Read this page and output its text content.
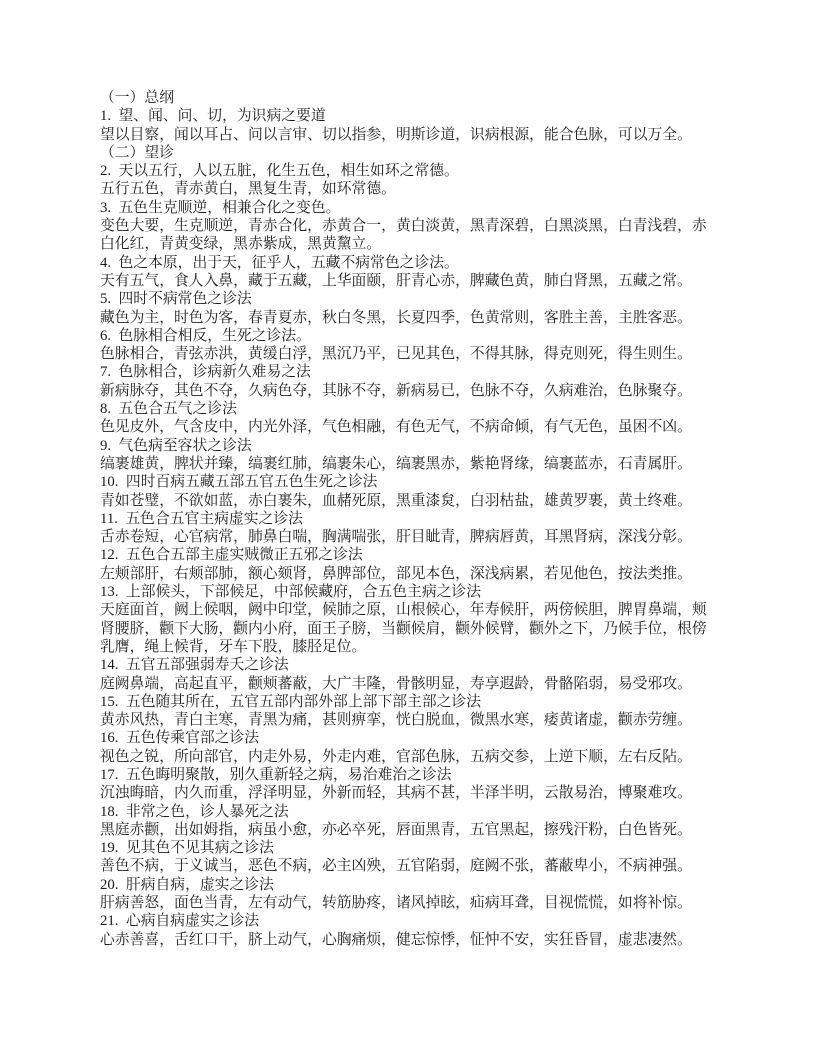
（一）总纲
1.  望、闻、问、切，为识病之要道
望以目察，闻以耳占、问以言审、切以指参，明斯诊道，识病根源，能合色脉，可以万全。
（二）望诊
2.  天以五行，人以五脏，化生五色，相生如环之常德。
五行五色，青赤黄白，黑复生青，如环常德。
3.  五色生克顺逆，相兼合化之变色。
变色大要，生克顺逆，青赤合化，赤黄合一，黄白淡黄，黑青深碧，白黑淡黑，白青浅碧，赤
白化红，青黄变绿，黑赤紫成，黑黄黧立。
4.  色之本原，出于天，征乎人，五藏不病常色之诊法。
天有五气，食人入鼻，藏于五藏，上华面颐，肝青心赤，脾藏色黄，肺白肾黑，五藏之常。
5.  四时不病常色之诊法
藏色为主，时色为客，春青夏赤，秋白冬黑，长夏四季，色黄常则，客胜主善，主胜客恶。
6.  色脉相合相反，生死之诊法。
色脉相合，青弦赤洪，黄缓白浮，黑沉乃平，已见其色，不得其脉，得克则死，得生则生。
7.  色脉相合，诊病新久难易之法
新病脉夺，其色不夺，久病色夺，其脉不夺，新病易已，色脉不夺，久病难治，色脉聚夺。
8.  五色合五气之诊法
色见皮外，气含皮中，内光外泽，气色相融，有色无气，不病命倾，有气无色，虽困不凶。
9.  气色病至容状之诊法
缟裹雄黄，脾状并臻，缟裹红肺，缟裹朱心，缟裹黑赤，紫艳肾缘，缟裹蓝赤，石青属肝。
10.  四时百病五藏五部五官五色生死之诊法
青如苍璧，不欲如蓝，赤白裹朱，血赭死原，黑重漆炱，白羽枯盐，雄黄罗裹，黄土终难。
11.  五色合五官主病虚实之诊法
舌赤卷短，心官病常，肺鼻白喘，胸满喘张，肝目眦青，脾病唇黄，耳黑肾病，深浅分彰。
12.  五色合五部主虚实贼微正五邪之诊法
左颊部肝，右颊部肺，额心颏肾，鼻脾部位，部见本色，深浅病累，若见他色，按法类推。
13.  上部候头，下部候足，中部候藏府，合五色主病之诊法
天庭面首，阙上候咽，阙中印堂，候肺之原，山根候心，年寿候肝，两傍候胆，脾胃鼻端，颊
肾腰脐，颧下大肠，颧内小府，面王子膀，当颧候肩，颧外候臂，颧外之下，乃候手位，根傍
乳膺，绳上候背，牙车下股，膝胫足位。
14.  五官五部强弱寿夭之诊法
庭阙鼻端，高起直平，颧颊蕃蔽，大广丰隆，骨骸明显，寿享遐龄，骨骼陷弱，易受邪攻。
15.  五色随其所在，五官五部内部外部上部下部主部之诊法
黄赤风热，青白主寒，青黑为痛，甚则痹挛，恍白脱血，微黑水寒，痿黄诸虚，颧赤劳缠。
16.  五色传乘官部之诊法
视色之锐，所向部官，内走外易，外走内难，官部色脉，五病交参，上逆下顺，左右反阽。
17.  五色晦明聚散，别久重新轻之病，易治难治之诊法
沉浊晦暗，内久而重，浮泽明显，外新而轻，其病不甚，半泽半明，云散易治，博聚难攻。
18.  非常之色，诊人暴死之法
黑庭赤颧，出如姆指，病虽小愈，亦必卒死，唇面黑青，五官黑起，擦残汗粉，白色皆死。
19.  见其色不见其病之诊法
善色不病，于义诚当，恶色不病，必主凶殃，五官陷弱，庭阙不张，蕃蔽卑小，不病神强。
20.  肝病自病，虚实之诊法
肝病善怒，面色当青，左有动气，转筋胁疼，诸风掉眩，疝病耳聋，目视慌慌，如将补惊。
21.  心病自病虚实之诊法
心赤善喜，舌红口干，脐上动气，心胸痛烦，健忘惊悸，怔忡不安，实狂昏冒，虚悲凄然。
